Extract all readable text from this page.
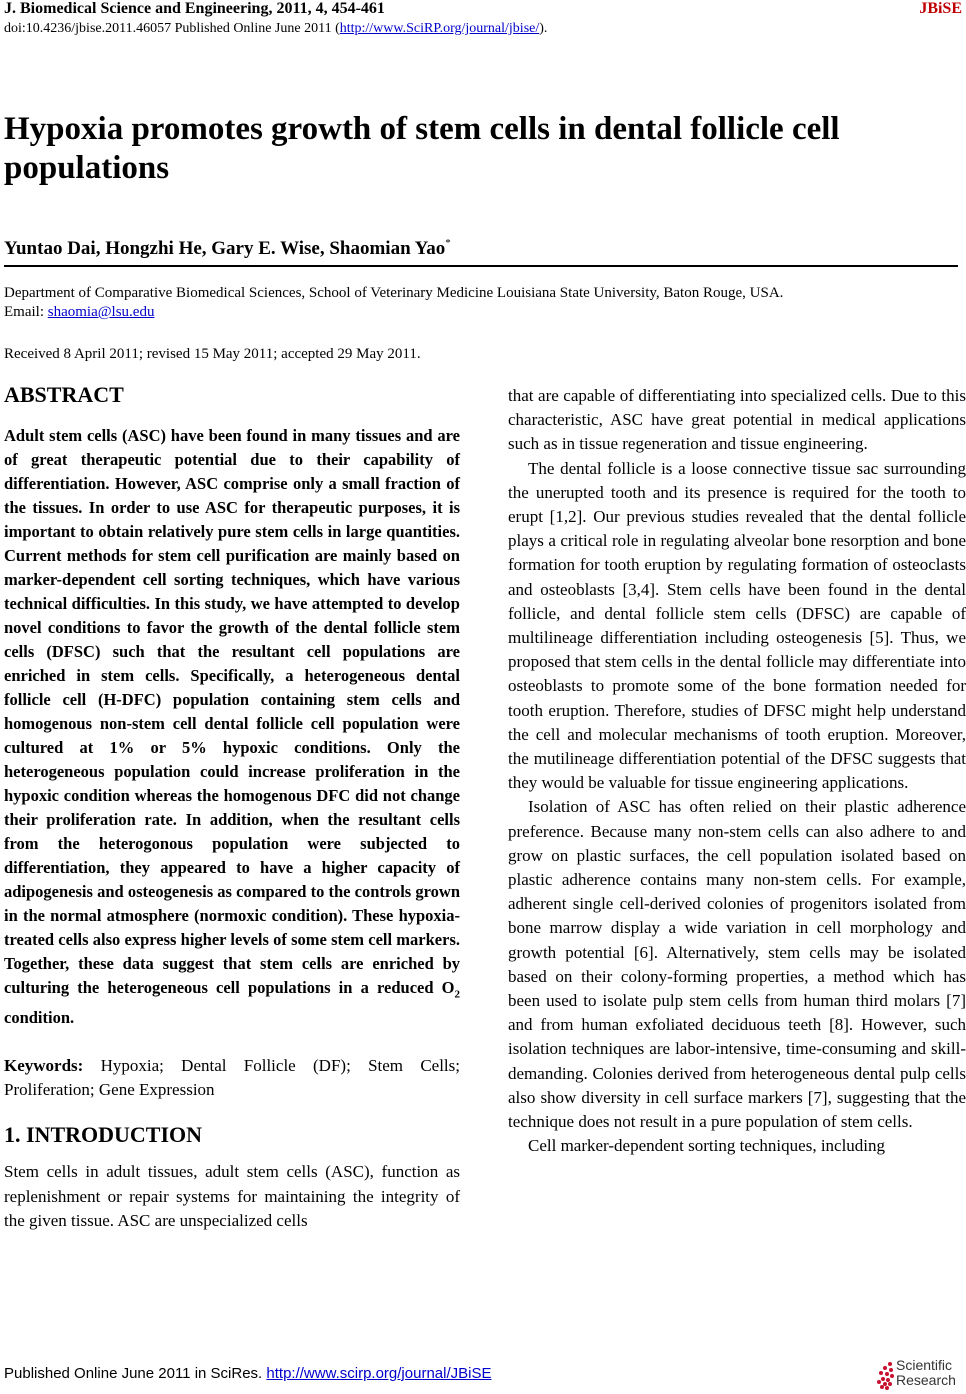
J. Biomedical Science and Engineering, 2011, 4, 454-461	JBiSE
doi:10.4236/jbise.2011.46057 Published Online June 2011 (http://www.SciRP.org/journal/jbise/).
Hypoxia promotes growth of stem cells in dental follicle cell populations
Yuntao Dai, Hongzhi He, Gary E. Wise, Shaomian Yao*
Department of Comparative Biomedical Sciences, School of Veterinary Medicine Louisiana State University, Baton Rouge, USA.
Email: shaomia@lsu.edu
Received 8 April 2011; revised 15 May 2011; accepted 29 May 2011.
ABSTRACT

Adult stem cells (ASC) have been found in many tissues and are of great therapeutic potential due to their capability of differentiation. However, ASC comprise only a small fraction of the tissues. In order to use ASC for therapeutic purposes, it is important to obtain relatively pure stem cells in large quantities. Current methods for stem cell purification are mainly based on marker-dependent cell sorting techniques, which have various technical difficulties. In this study, we have attempted to develop novel conditions to favor the growth of the dental follicle stem cells (DFSC) such that the resultant cell populations are enriched in stem cells. Specifically, a heterogeneous dental follicle cell (H-DFC) population containing stem cells and homogenous non-stem cell dental follicle cell population were cultured at 1% or 5% hypoxic conditions. Only the heterogeneous population could increase proliferation in the hypoxic condition whereas the homogenous DFC did not change their proliferation rate. In addition, when the resultant cells from the heterogonous population were subjected to differentiation, they appeared to have a higher capacity of adipogenesis and osteogenesis as compared to the controls grown in the normal atmosphere (normoxic condition). These hypoxia-treated cells also express higher levels of some stem cell markers. Together, these data suggest that stem cells are enriched by culturing the heterogeneous cell populations in a reduced $O_2$ condition.

Keywords: Hypoxia; Dental Follicle (DF); Stem Cells; Proliferation; Gene Expression

1. INTRODUCTION

Stem cells in adult tissues, adult stem cells (ASC), function as replenishment or repair systems for maintaining the integrity of the given tissue. ASC are unspecialized cells

that are capable of differentiating into specialized cells. Due to this characteristic, ASC have great potential in medical applications such as in tissue regeneration and tissue engineering.

The dental follicle is a loose connective tissue sac surrounding the unerupted tooth and its presence is required for the tooth to erupt [1,2]. Our previous studies revealed that the dental follicle plays a critical role in regulating alveolar bone resorption and bone formation for tooth eruption by regulating formation of osteoclasts and osteoblasts [3,4]. Stem cells have been found in the dental follicle, and dental follicle stem cells (DFSC) are capable of multilineage differentiation including osteogenesis [5]. Thus, we proposed that stem cells in the dental follicle may differentiate into osteoblasts to promote some of the bone formation needed for tooth eruption. Therefore, studies of DFSC might help understand the cell and molecular mechanisms of tooth eruption. Moreover, the mutilineage differentiation potential of the DFSC suggests that they would be valuable for tissue engineering applications.

Isolation of ASC has often relied on their plastic adherence preference. Because many non-stem cells can also adhere to and grow on plastic surfaces, the cell population isolated based on plastic adherence contains many non-stem cells. For example, adherent single cell-derived colonies of progenitors isolated from bone marrow display a wide variation in cell morphology and growth potential [6]. Alternatively, stem cells may be isolated based on their colony-forming properties, a method which has been used to isolate pulp stem cells from human third molars [7] and from human exfoliated deciduous teeth [8]. However, such isolation techniques are labor-intensive, time-consuming and skill-demanding. Colonies derived from heterogeneous dental pulp cells also show diversity in cell surface markers [7], suggesting that the technique does not result in a pure population of stem cells.

Cell marker-dependent sorting techniques, including

Published Online June 2011 in SciRes. http://www.scirp.org/journal/JBiSE	Scientific
Research
